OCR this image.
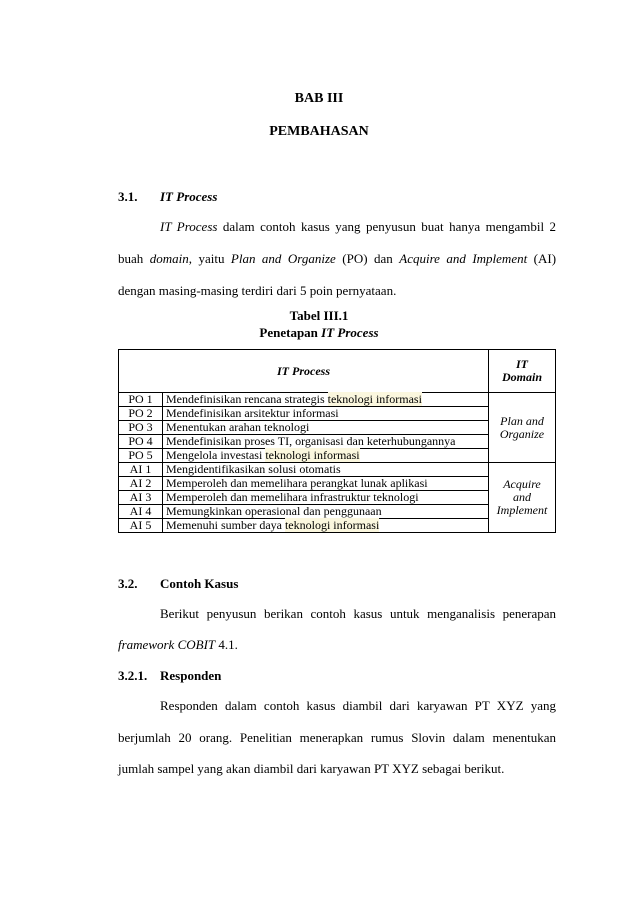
BAB III
PEMBAHASAN
3.1. IT Process
IT Process dalam contoh kasus yang penyusun buat hanya mengambil 2
buah domain, yaitu Plan and Organize (PO) dan Acquire and Implement (AI)
dengan masing-masing terdiri dari 5 poin pernyataan.
Tabel III.1
Penetapan IT Process
IT Process		IT
Domain
PO 1	Mendefinisikan rencana strategis teknologi informasi	Plan and
Organize
PO 2	Mendefinisikan arsitektur informasi	
PO 3	Menentukan arahan teknologi	
PO 4	Mendefinisikan proses TI, organisasi dan keterhubungannya	
PO 5	Mengelola investasi teknologi informasi	
AI 1	Mengidentifikasikan solusi otomatis	Acquire
and
Implement
AI 2	Memperoleh dan memelihara perangkat lunak aplikasi	
AI 3	Memperoleh dan memelihara infrastruktur teknologi	
AI 4	Memungkinkan operasional dan penggunaan	
AI 5	Memenuhi sumber daya teknologi informasi	
3.2. Contoh Kasus
Berikut penyusun berikan contoh kasus untuk menganalisis penerapan
framework COBIT 4.1.
3.2.1. Responden
Responden dalam contoh kasus diambil dari karyawan PT XYZ yang
berjumlah 20 orang. Penelitian menerapkan rumus Slovin dalam menentukan
jumlah sampel yang akan diambil dari karyawan PT XYZ sebagai berikut.
